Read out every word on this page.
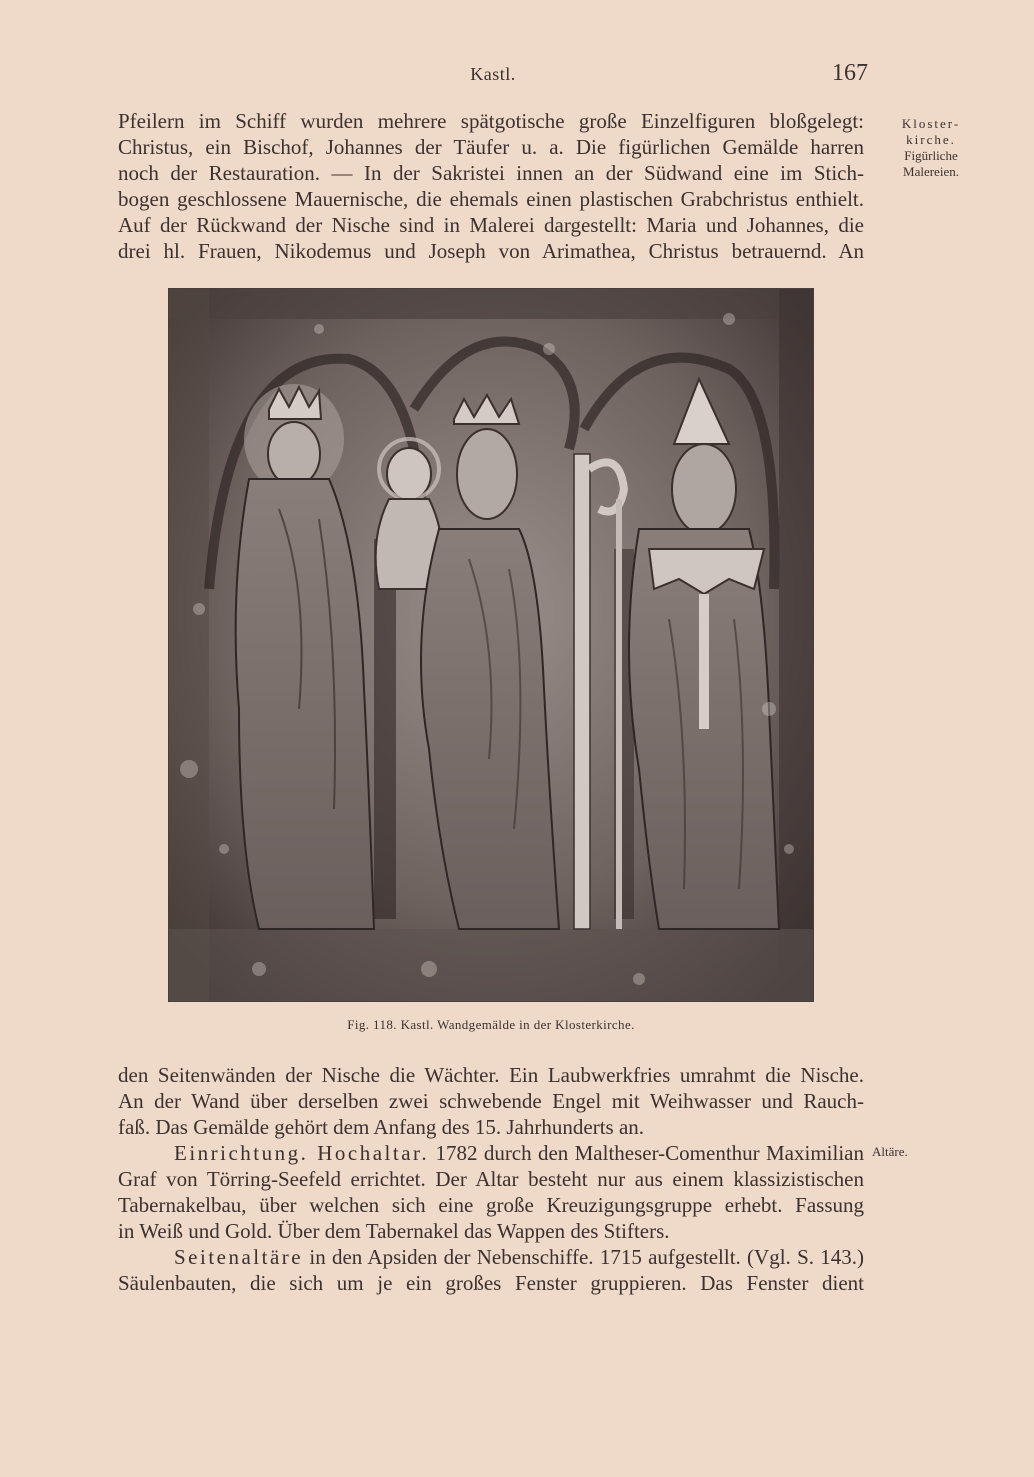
Kastl.	167
Pfeilern im Schiff wurden mehrere spätgotische große Einzelfiguren bloßgelegt:
Christus, ein Bischof, Johannes der Täufer u. a. Die figürlichen Gemälde harren
noch der Restauration. — In der Sakristei innen an der Südwand eine im Stich-
bogen geschlossene Mauernische, die ehemals einen plastischen Grabchristus enthielt.
Auf der Rückwand der Nische sind in Malerei dargestellt: Maria und Johannes, die
drei hl. Frauen, Nikodemus und Joseph von Arimathea, Christus betrauernd. An
Kloster-
kirche.
Figürliche
Malereien.
Fig. 118. Kastl. Wandgemälde in der Klosterkirche.
den Seitenwänden der Nische die Wächter. Ein Laubwerkfries umrahmt die Nische.
An der Wand über derselben zwei schwebende Engel mit Weihwasser und Rauch-
faß. Das Gemälde gehört dem Anfang des 15. Jahrhunderts an.
Einrichtung. Hochaltar. 1782 durch den Maltheser-Comenthur Maximilian
Graf von Törring-Seefeld errichtet. Der Altar besteht nur aus einem klassizistischen
Tabernakelbau, über welchen sich eine große Kreuzigungsgruppe erhebt. Fassung
in Weiß und Gold. Über dem Tabernakel das Wappen des Stifters.
Seitenaltäre in den Apsiden der Nebenschiffe. 1715 aufgestellt. (Vgl. S. 143.)
Säulenbauten, die sich um je ein großes Fenster gruppieren. Das Fenster dient
Altäre.
